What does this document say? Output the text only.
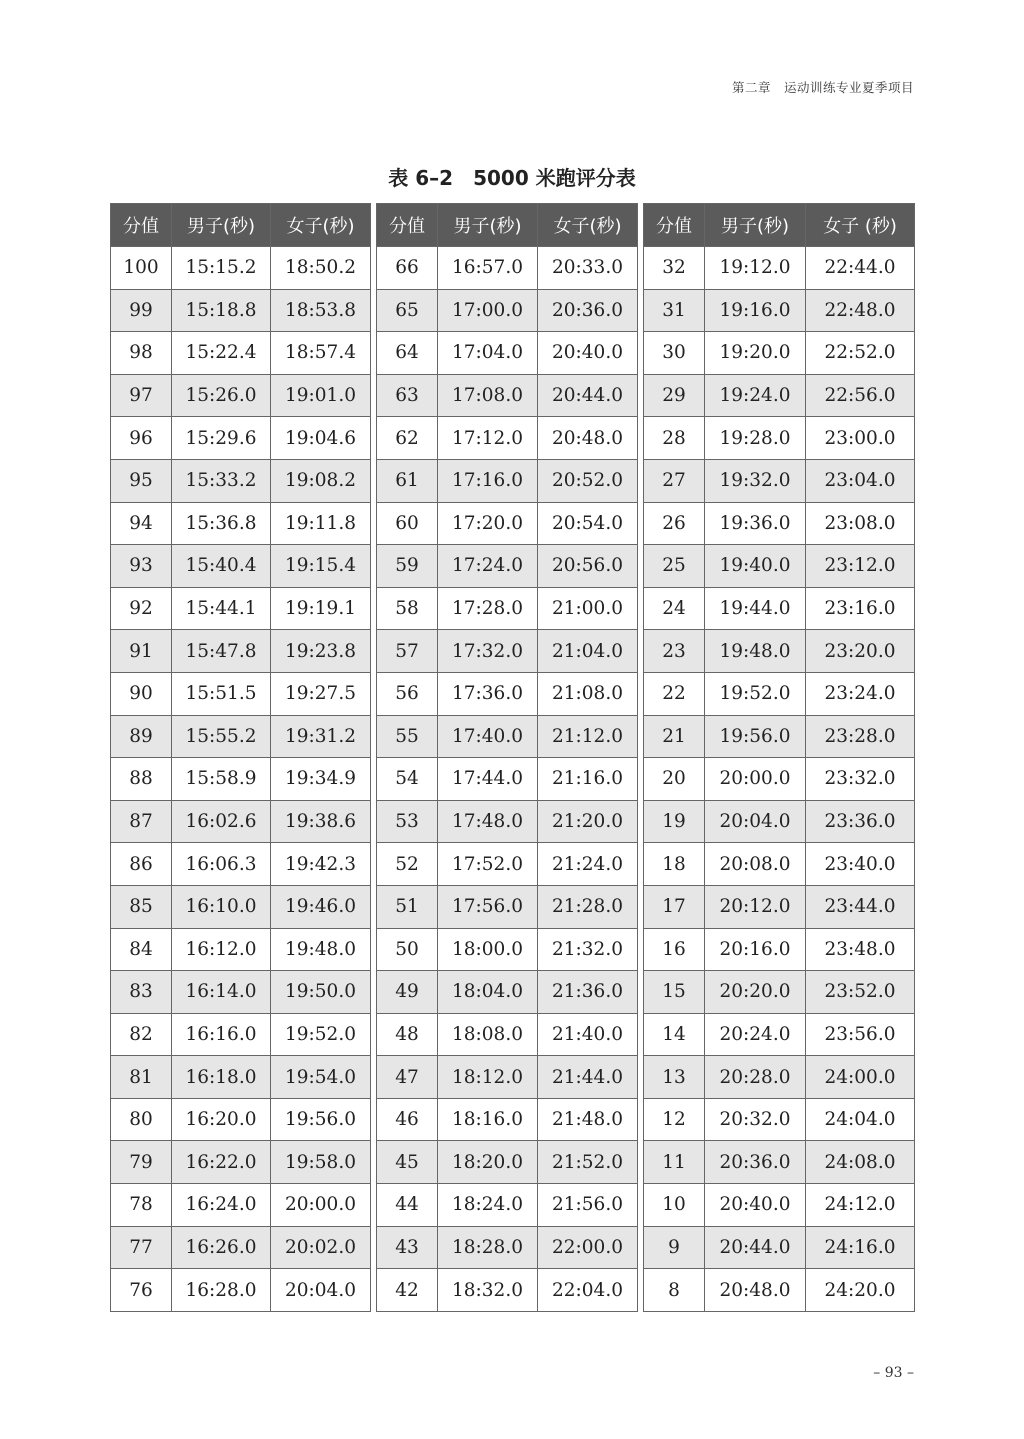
第二章　运动训练专业夏季项目
表 6–2　5000 米跑评分表
分值	男子(秒)	女子(秒)
100	15:15.2	18:50.2
99	15:18.8	18:53.8
98	15:22.4	18:57.4
97	15:26.0	19:01.0
96	15:29.6	19:04.6
95	15:33.2	19:08.2
94	15:36.8	19:11.8
93	15:40.4	19:15.4
92	15:44.1	19:19.1
91	15:47.8	19:23.8
90	15:51.5	19:27.5
89	15:55.2	19:31.2
88	15:58.9	19:34.9
87	16:02.6	19:38.6
86	16:06.3	19:42.3
85	16:10.0	19:46.0
84	16:12.0	19:48.0
83	16:14.0	19:50.0
82	16:16.0	19:52.0
81	16:18.0	19:54.0
80	16:20.0	19:56.0
79	16:22.0	19:58.0
78	16:24.0	20:00.0
77	16:26.0	20:02.0
76	16:28.0	20:04.0
分值	男子(秒)	女子(秒)
66	16:57.0	20:33.0
65	17:00.0	20:36.0
64	17:04.0	20:40.0
63	17:08.0	20:44.0
62	17:12.0	20:48.0
61	17:16.0	20:52.0
60	17:20.0	20:54.0
59	17:24.0	20:56.0
58	17:28.0	21:00.0
57	17:32.0	21:04.0
56	17:36.0	21:08.0
55	17:40.0	21:12.0
54	17:44.0	21:16.0
53	17:48.0	21:20.0
52	17:52.0	21:24.0
51	17:56.0	21:28.0
50	18:00.0	21:32.0
49	18:04.0	21:36.0
48	18:08.0	21:40.0
47	18:12.0	21:44.0
46	18:16.0	21:48.0
45	18:20.0	21:52.0
44	18:24.0	21:56.0
43	18:28.0	22:00.0
42	18:32.0	22:04.0
分值	男子(秒)	女子 (秒)
32	19:12.0	22:44.0
31	19:16.0	22:48.0
30	19:20.0	22:52.0
29	19:24.0	22:56.0
28	19:28.0	23:00.0
27	19:32.0	23:04.0
26	19:36.0	23:08.0
25	19:40.0	23:12.0
24	19:44.0	23:16.0
23	19:48.0	23:20.0
22	19:52.0	23:24.0
21	19:56.0	23:28.0
20	20:00.0	23:32.0
19	20:04.0	23:36.0
18	20:08.0	23:40.0
17	20:12.0	23:44.0
16	20:16.0	23:48.0
15	20:20.0	23:52.0
14	20:24.0	23:56.0
13	20:28.0	24:00.0
12	20:32.0	24:04.0
11	20:36.0	24:08.0
10	20:40.0	24:12.0
9	20:44.0	24:16.0
8	20:48.0	24:20.0
– 93 –
